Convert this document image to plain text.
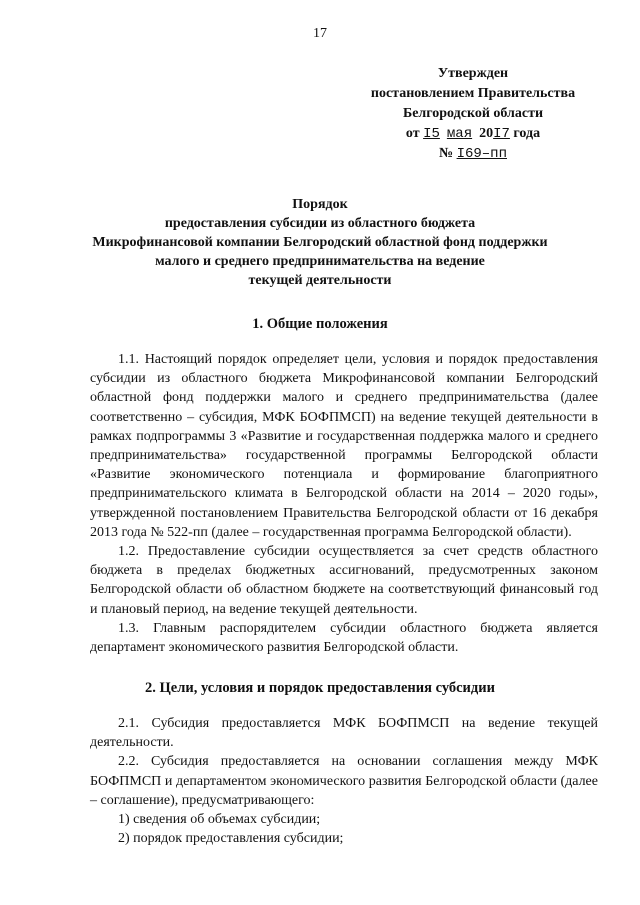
17
Утвержден
постановлением Правительства
Белгородской области
от I5 мая 20I7 года
№ I69–пп
Порядок
предоставления субсидии из областного бюджета
Микрофинансовой компании Белгородский областной фонд поддержки
малого и среднего предпринимательства на ведение
текущей деятельности
1. Общие положения

1.1. Настоящий порядок определяет цели, условия и порядок предоставления субсидии из областного бюджета Микрофинансовой компании Белгородский областной фонд поддержки малого и среднего предпринимательства (далее соответственно – субсидия, МФК БОФПМСП) на ведение текущей деятельности в рамках подпрограммы 3 «Развитие и государственная поддержка малого и среднего предпринимательства» государственной программы Белгородской области «Развитие экономического потенциала и формирование благоприятного предпринимательского климата в Белгородской области на 2014 – 2020 годы», утвержденной постановлением Правительства Белгородской области от 16 декабря 2013 года № 522-пп (далее – государственная программа Белгородской области).

1.2. Предоставление субсидии осуществляется за счет средств областного бюджета в пределах бюджетных ассигнований, предусмотренных законом Белгородской области об областном бюджете на соответствующий финансовый год и плановый период, на ведение текущей деятельности.

1.3. Главным распорядителем субсидии областного бюджета является департамент экономического развития Белгородской области.

2. Цели, условия и порядок предоставления субсидии

2.1. Субсидия предоставляется МФК БОФПМСП на ведение текущей деятельности.

2.2. Субсидия предоставляется на основании соглашения между МФК БОФПМСП и департаментом экономического развития Белгородской области (далее – соглашение), предусматривающего:

1) сведения об объемах субсидии;

2) порядок предоставления субсидии;
